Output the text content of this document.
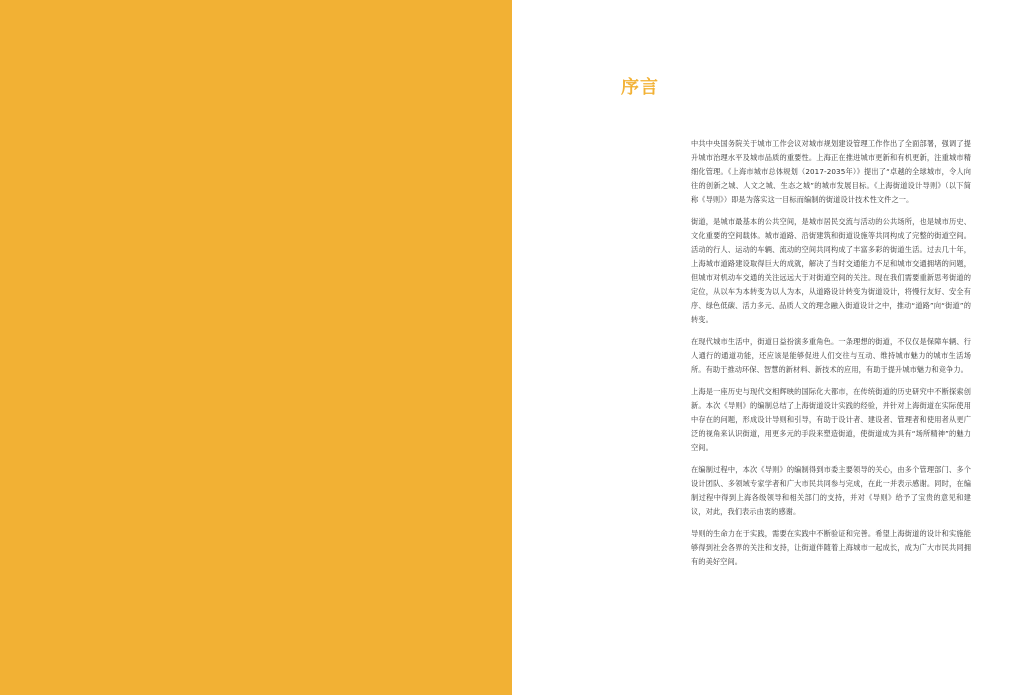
序言

中共中央国务院关于城市工作会议对城市规划建设管理工作作出了全面部署，强调了提升城市治理水平及城市品质的重要性。上海正在推进城市更新和有机更新，注重城市精细化管理。《上海市城市总体规划（2017-2035年）》提出了“卓越的全球城市，令人向往的创新之城、人文之城、生态之城”的城市发展目标。《上海街道设计导则》（以下简称《导则》）即是为落实这一目标而编制的街道设计技术性文件之一。

街道，是城市最基本的公共空间，是城市居民交流与活动的公共场所，也是城市历史、文化重要的空间载体。城市道路、沿街建筑和街道设施等共同构成了完整的街道空间。活动的行人、运动的车辆、流动的空间共同构成了丰富多彩的街道生活。过去几十年，上海城市道路建设取得巨大的成就，解决了当时交通能力不足和城市交通拥堵的问题，但城市对机动车交通的关注远远大于对街道空间的关注。现在我们需要重新思考街道的定位，从以车为本转变为以人为本，从道路设计转变为街道设计，将慢行友好、安全有序、绿色低碳、活力多元、品质人文的理念融入街道设计之中，推动“道路”向“街道”的转变。

在现代城市生活中，街道日益扮演多重角色。一条理想的街道，不仅仅是保障车辆、行人通行的通道功能，还应该是能够促进人们交往与互动、维持城市魅力的城市生活场所。有助于推动环保、智慧的新材料、新技术的应用，有助于提升城市魅力和竞争力。

上海是一座历史与现代交相辉映的国际化大都市，在传统街道的历史研究中不断探索创新。本次《导则》的编制总结了上海街道设计实践的经验，并针对上海街道在实际使用中存在的问题，形成设计导则和引导，有助于设计者、建设者、管理者和使用者从更广泛的视角来认识街道，用更多元的手段来塑造街道，使街道成为具有“场所精神”的魅力空间。

在编制过程中，本次《导则》的编制得到市委主要领导的关心，由多个管理部门、多个设计团队、多领域专家学者和广大市民共同参与完成，在此一并表示感谢。同时，在编制过程中得到上海各级领导和相关部门的支持，并对《导则》给予了宝贵的意见和建议，对此，我们表示由衷的感谢。

导则的生命力在于实践，需要在实践中不断验证和完善。希望上海街道的设计和实施能够得到社会各界的关注和支持，让街道伴随着上海城市一起成长，成为广大市民共同拥有的美好空间。
